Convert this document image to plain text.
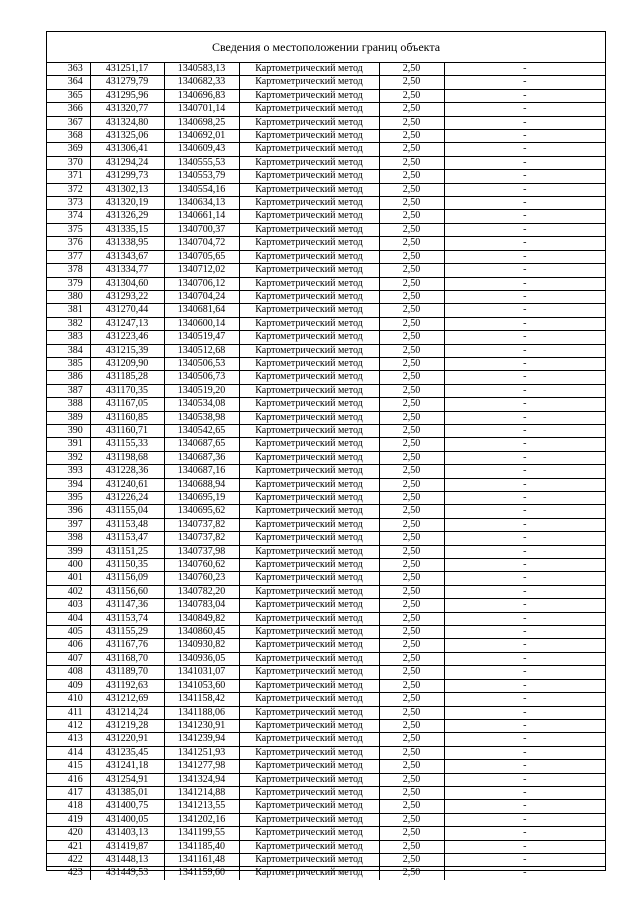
Сведения о местоположении границ объекта
363	431251,17	1340583,13	Картометрический метод	2,50	-
364	431279,79	1340682,33	Картометрический метод	2,50	-
365	431295,96	1340696,83	Картометрический метод	2,50	-
366	431320,77	1340701,14	Картометрический метод	2,50	-
367	431324,80	1340698,25	Картометрический метод	2,50	-
368	431325,06	1340692,01	Картометрический метод	2,50	-
369	431306,41	1340609,43	Картометрический метод	2,50	-
370	431294,24	1340555,53	Картометрический метод	2,50	-
371	431299,73	1340553,79	Картометрический метод	2,50	-
372	431302,13	1340554,16	Картометрический метод	2,50	-
373	431320,19	1340634,13	Картометрический метод	2,50	-
374	431326,29	1340661,14	Картометрический метод	2,50	-
375	431335,15	1340700,37	Картометрический метод	2,50	-
376	431338,95	1340704,72	Картометрический метод	2,50	-
377	431343,67	1340705,65	Картометрический метод	2,50	-
378	431334,77	1340712,02	Картометрический метод	2,50	-
379	431304,60	1340706,12	Картометрический метод	2,50	-
380	431293,22	1340704,24	Картометрический метод	2,50	-
381	431270,44	1340681,64	Картометрический метод	2,50	-
382	431247,13	1340600,14	Картометрический метод	2,50	-
383	431223,46	1340519,47	Картометрический метод	2,50	-
384	431215,39	1340512,68	Картометрический метод	2,50	-
385	431209,90	1340506,53	Картометрический метод	2,50	-
386	431185,28	1340506,73	Картометрический метод	2,50	-
387	431170,35	1340519,20	Картометрический метод	2,50	-
388	431167,05	1340534,08	Картометрический метод	2,50	-
389	431160,85	1340538,98	Картометрический метод	2,50	-
390	431160,71	1340542,65	Картометрический метод	2,50	-
391	431155,33	1340687,65	Картометрический метод	2,50	-
392	431198,68	1340687,36	Картометрический метод	2,50	-
393	431228,36	1340687,16	Картометрический метод	2,50	-
394	431240,61	1340688,94	Картометрический метод	2,50	-
395	431226,24	1340695,19	Картометрический метод	2,50	-
396	431155,04	1340695,62	Картометрический метод	2,50	-
397	431153,48	1340737,82	Картометрический метод	2,50	-
398	431153,47	1340737,82	Картометрический метод	2,50	-
399	431151,25	1340737,98	Картометрический метод	2,50	-
400	431150,35	1340760,62	Картометрический метод	2,50	-
401	431156,09	1340760,23	Картометрический метод	2,50	-
402	431156,60	1340782,20	Картометрический метод	2,50	-
403	431147,36	1340783,04	Картометрический метод	2,50	-
404	431153,74	1340849,82	Картометрический метод	2,50	-
405	431155,29	1340860,45	Картометрический метод	2,50	-
406	431167,76	1340930,82	Картометрический метод	2,50	-
407	431168,70	1340936,05	Картометрический метод	2,50	-
408	431189,70	1341031,07	Картометрический метод	2,50	-
409	431192,63	1341053,60	Картометрический метод	2,50	-
410	431212,69	1341158,42	Картометрический метод	2,50	-
411	431214,24	1341188,06	Картометрический метод	2,50	-
412	431219,28	1341230,91	Картометрический метод	2,50	-
413	431220,91	1341239,94	Картометрический метод	2,50	-
414	431235,45	1341251,93	Картометрический метод	2,50	-
415	431241,18	1341277,98	Картометрический метод	2,50	-
416	431254,91	1341324,94	Картометрический метод	2,50	-
417	431385,01	1341214,88	Картометрический метод	2,50	-
418	431400,75	1341213,55	Картометрический метод	2,50	-
419	431400,05	1341202,16	Картометрический метод	2,50	-
420	431403,13	1341199,55	Картометрический метод	2,50	-
421	431419,87	1341185,40	Картометрический метод	2,50	-
422	431448,13	1341161,48	Картометрический метод	2,50	-
423	431449,53	1341159,60	Картометрический метод	2,50	-
